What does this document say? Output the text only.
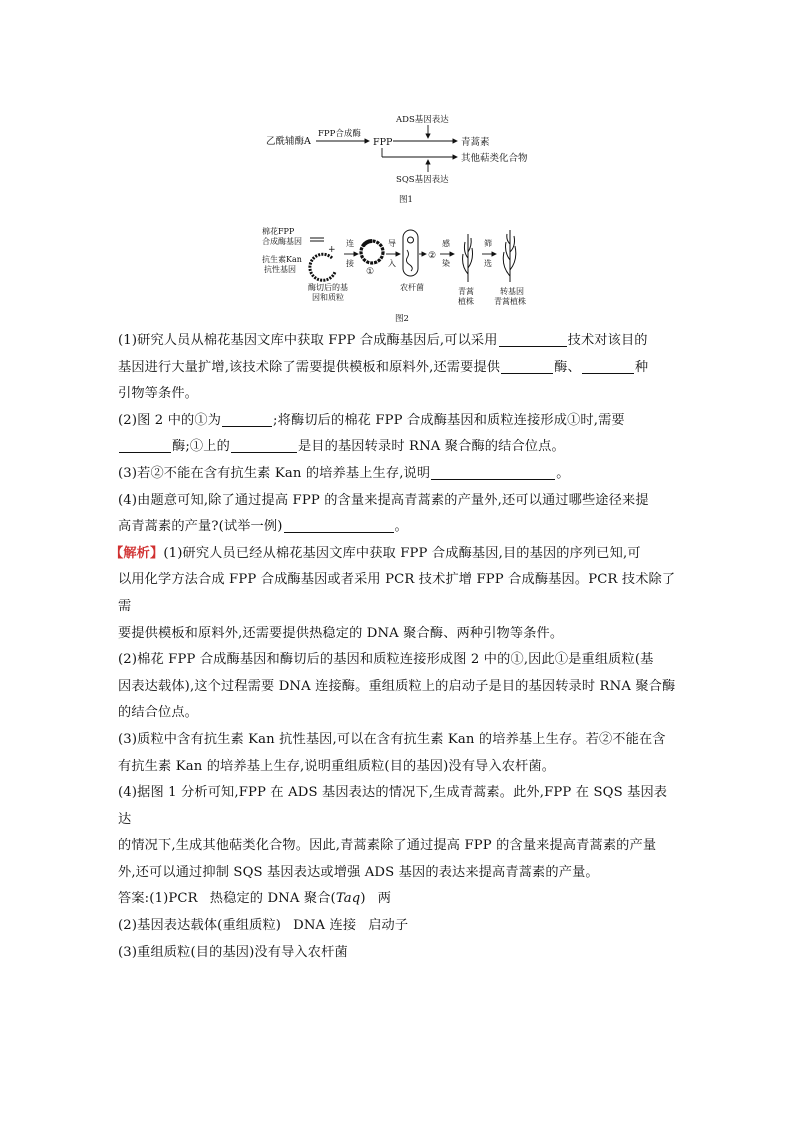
乙酰辅酶A
FPP合成酶
FPP
ADS基因表达
青蒿素
其他萜类化合物
SQS基因表达
图1
棉花FPP
合成酶基因
+
抗生素Kan
抗性基因
酶切后的基
因和质粒
连
接
①
导
入
②
农杆菌
感
染
青蒿
植株
筛
选
转基因
青蒿植株
图2

(1)研究人员从棉花基因文库中获取 FPP 合成酶基因后,可以采用	技术对该目的

基因进行大量扩增,该技术除了需要提供模板和原料外,还需要提供	酶、	种

引物等条件。

(2)图 2 中的①为	;将酶切后的棉花 FPP 合成酶基因和质粒连接形成①时,需要

酶;①上的	是目的基因转录时 RNA 聚合酶的结合位点。

(3)若②不能在含有抗生素 Kan 的培养基上生存,说明	。

(4)由题意可知,除了通过提高 FPP 的含量来提高青蒿素的产量外,还可以通过哪些途径来提

高青蒿素的产量?(试举一例)	。

【解析】(1)研究人员已经从棉花基因文库中获取 FPP 合成酶基因,目的基因的序列已知,可

以用化学方法合成 FPP 合成酶基因或者采用 PCR 技术扩增 FPP 合成酶基因。PCR 技术除了需

要提供模板和原料外,还需要提供热稳定的 DNA 聚合酶、两种引物等条件。

(2)棉花 FPP 合成酶基因和酶切后的基因和质粒连接形成图 2 中的①,因此①是重组质粒(基

因表达载体),这个过程需要 DNA 连接酶。重组质粒上的启动子是目的基因转录时 RNA 聚合酶

的结合位点。

(3)质粒中含有抗生素 Kan 抗性基因,可以在含有抗生素 Kan 的培养基上生存。若②不能在含

有抗生素 Kan 的培养基上生存,说明重组质粒(目的基因)没有导入农杆菌。

(4)据图 1 分析可知,FPP 在 ADS 基因表达的情况下,生成青蒿素。此外,FPP 在 SQS 基因表达

的情况下,生成其他萜类化合物。因此,青蒿素除了通过提高 FPP 的含量来提高青蒿素的产量

外,还可以通过抑制 SQS 基因表达或增强 ADS 基因的表达来提高青蒿素的产量。

答案:(1)PCR 热稳定的 DNA 聚合(Taq) 两

(2)基因表达载体(重组质粒) DNA 连接 启动子

(3)重组质粒(目的基因)没有导入农杆菌
